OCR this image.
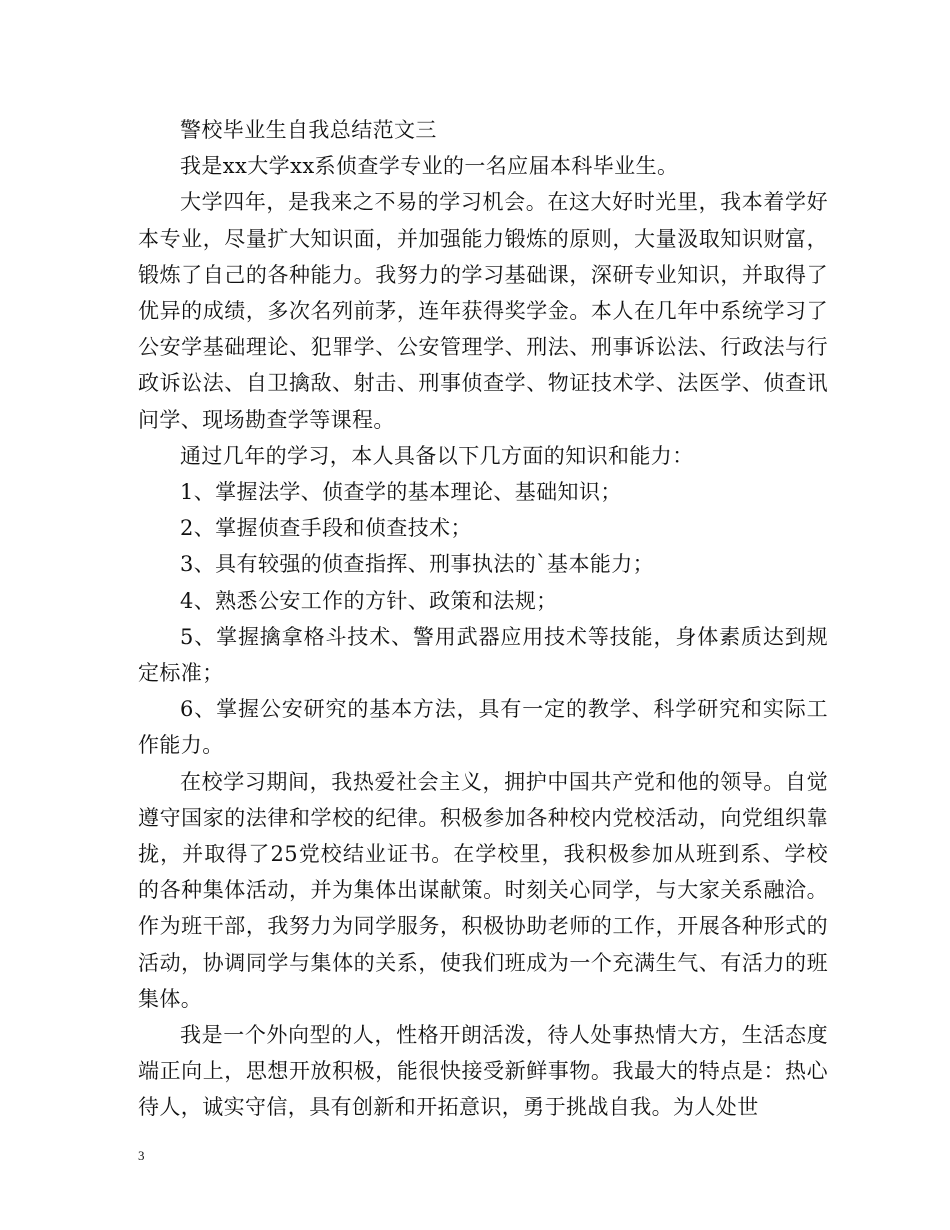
警校毕业生自我总结范文三

我是xx大学xx系侦查学专业的一名应届本科毕业生。

大学四年，是我来之不易的学习机会。在这大好时光里，我本着学好本专业，尽量扩大知识面，并加强能力锻炼的原则，大量汲取知识财富，锻炼了自己的各种能力。我努力的学习基础课，深研专业知识，并取得了优异的成绩，多次名列前茅，连年获得奖学金。本人在几年中系统学习了公安学基础理论、犯罪学、公安管理学、刑法、刑事诉讼法、行政法与行政诉讼法、自卫擒敌、射击、刑事侦查学、物证技术学、法医学、侦查讯问学、现场勘查学等课程。

通过几年的学习，本人具备以下几方面的知识和能力：

1、掌握法学、侦查学的基本理论、基础知识；

2、掌握侦查手段和侦查技术；

3、具有较强的侦查指挥、刑事执法的`基本能力；

4、熟悉公安工作的方针、政策和法规；

5、掌握擒拿格斗技术、警用武器应用技术等技能，身体素质达到规定标准；

6、掌握公安研究的基本方法，具有一定的教学、科学研究和实际工作能力。

在校学习期间，我热爱社会主义，拥护中国共产党和他的领导。自觉遵守国家的法律和学校的纪律。积极参加各种校内党校活动，向党组织靠拢，并取得了25党校结业证书。在学校里，我积极参加从班到系、学校的各种集体活动，并为集体出谋献策。时刻关心同学，与大家关系融洽。作为班干部，我努力为同学服务，积极协助老师的工作，开展各种形式的活动，协调同学与集体的关系，使我们班成为一个充满生气、有活力的班集体。

我是一个外向型的人，性格开朗活泼，待人处事热情大方，生活态度端正向上，思想开放积极，能很快接受新鲜事物。我最大的特点是：热心待人，诚实守信，具有创新和开拓意识，勇于挑战自我。为人处世

3
